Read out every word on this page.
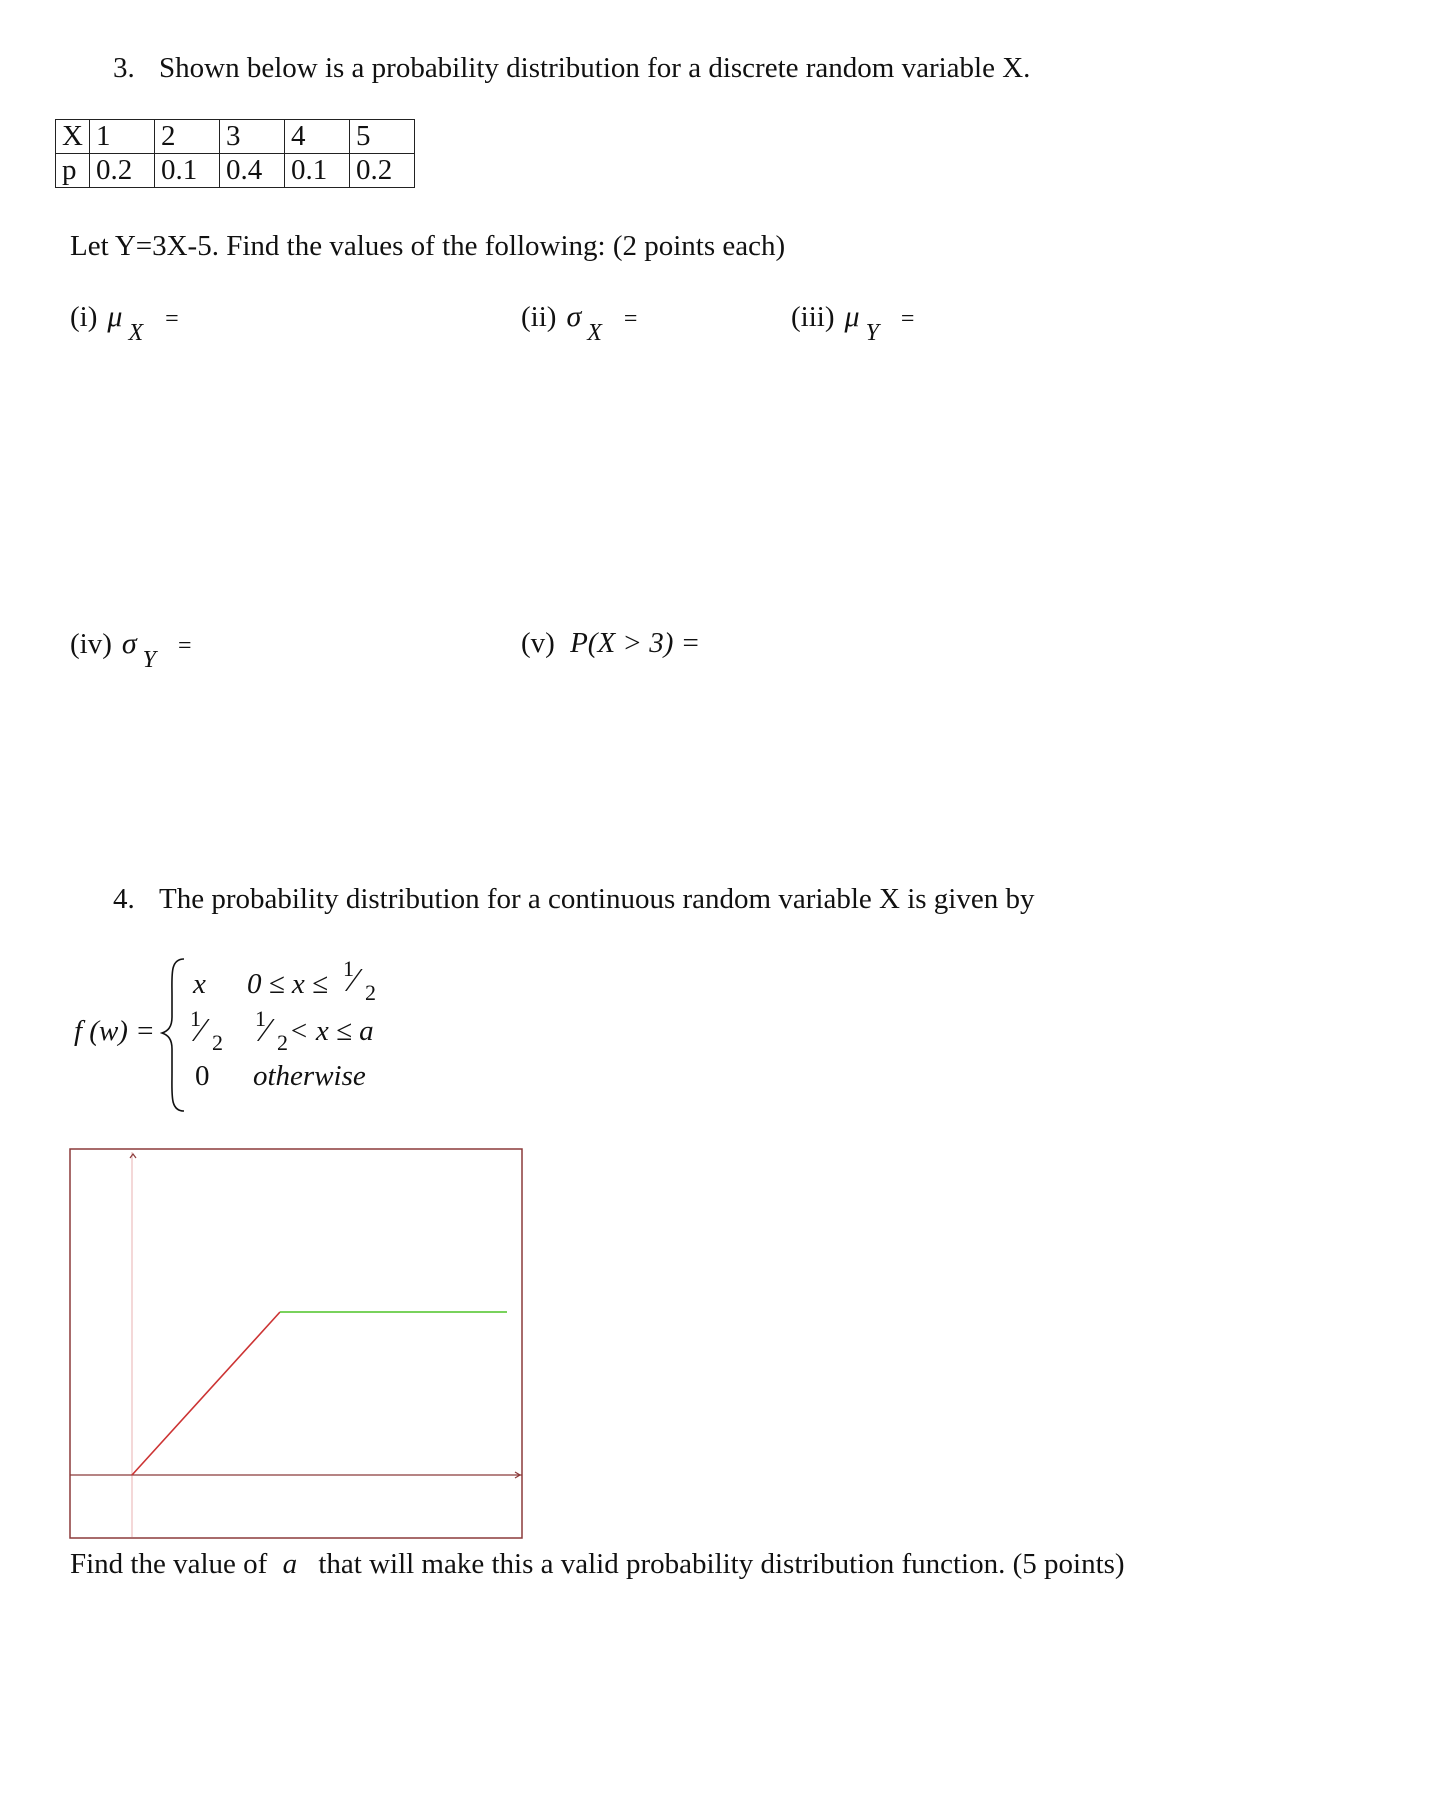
3. Shown below is a probability distribution for a discrete random variable X.
X	1	2	3	4	5
p	0.2	0.1	0.4	0.1	0.2
Let Y=3X-5. Find the values of the following: (2 points each)
(i) μ $_X$=	(ii) σ $_X$=	(iii) μ $_Y$=
(iv) σ $_Y$=	(v) P(X > 3) =
4. The probability distribution for a continuous random variable X is given by
f (w) =
x 0 ≤ x ≤ 1
⁄ 2
1
⁄ 2
1
⁄ 2 < x ≤ a
0 otherwise
Find the value of a that will make this a valid probability distribution function. (5 points)
